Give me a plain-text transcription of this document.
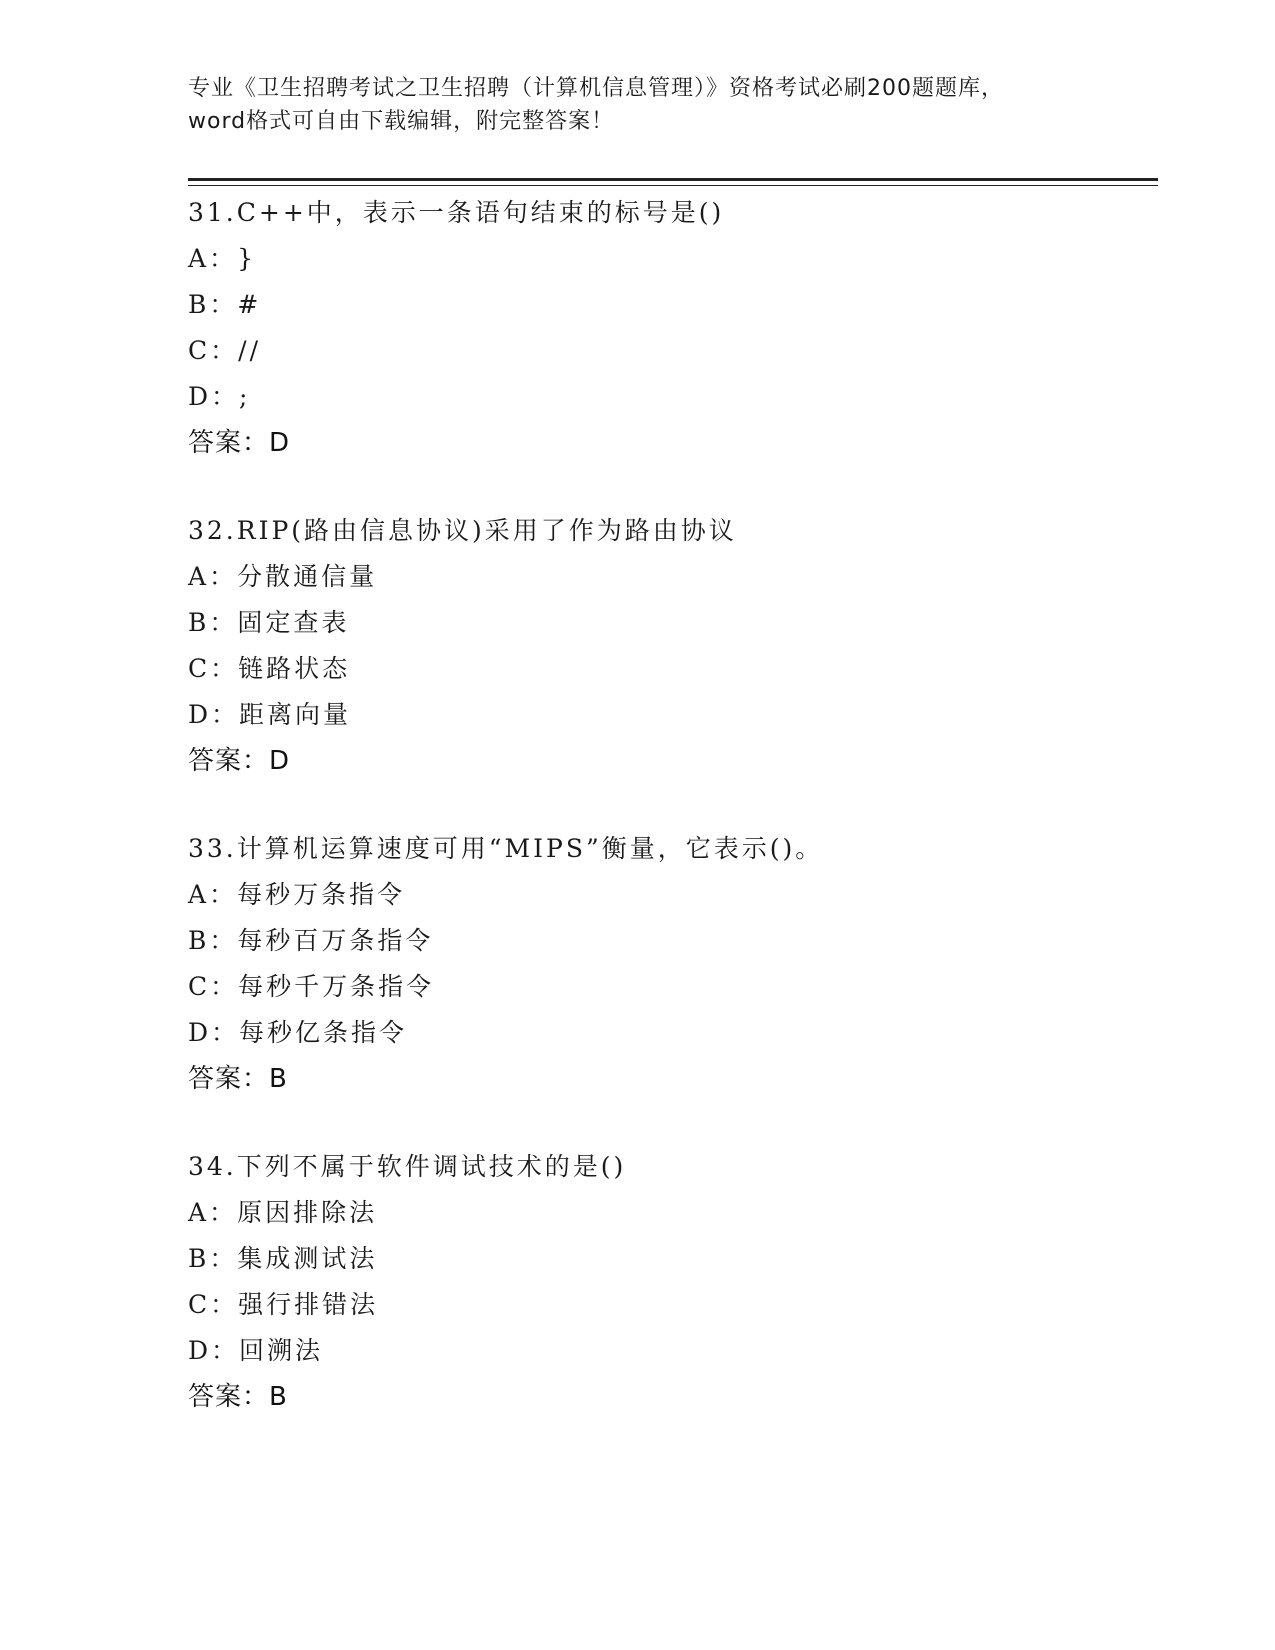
专业《卫生招聘考试之卫生招聘（计算机信息管理）》资格考试必刷200题题库，
word格式可自由下载编辑，附完整答案！
31.C++中，表示一条语句结束的标号是()
A：}
B：#
C：//
D：;
答案：D
32.RIP(路由信息协议)采用了作为路由协议
A：分散通信量
B：固定查表
C：链路状态
D：距离向量
答案：D
33.计算机运算速度可用“MIPS”衡量，它表示()。
A：每秒万条指令
B：每秒百万条指令
C：每秒千万条指令
D：每秒亿条指令
答案：B
34.下列不属于软件调试技术的是()
A：原因排除法
B：集成测试法
C：强行排错法
D：回溯法
答案：B
